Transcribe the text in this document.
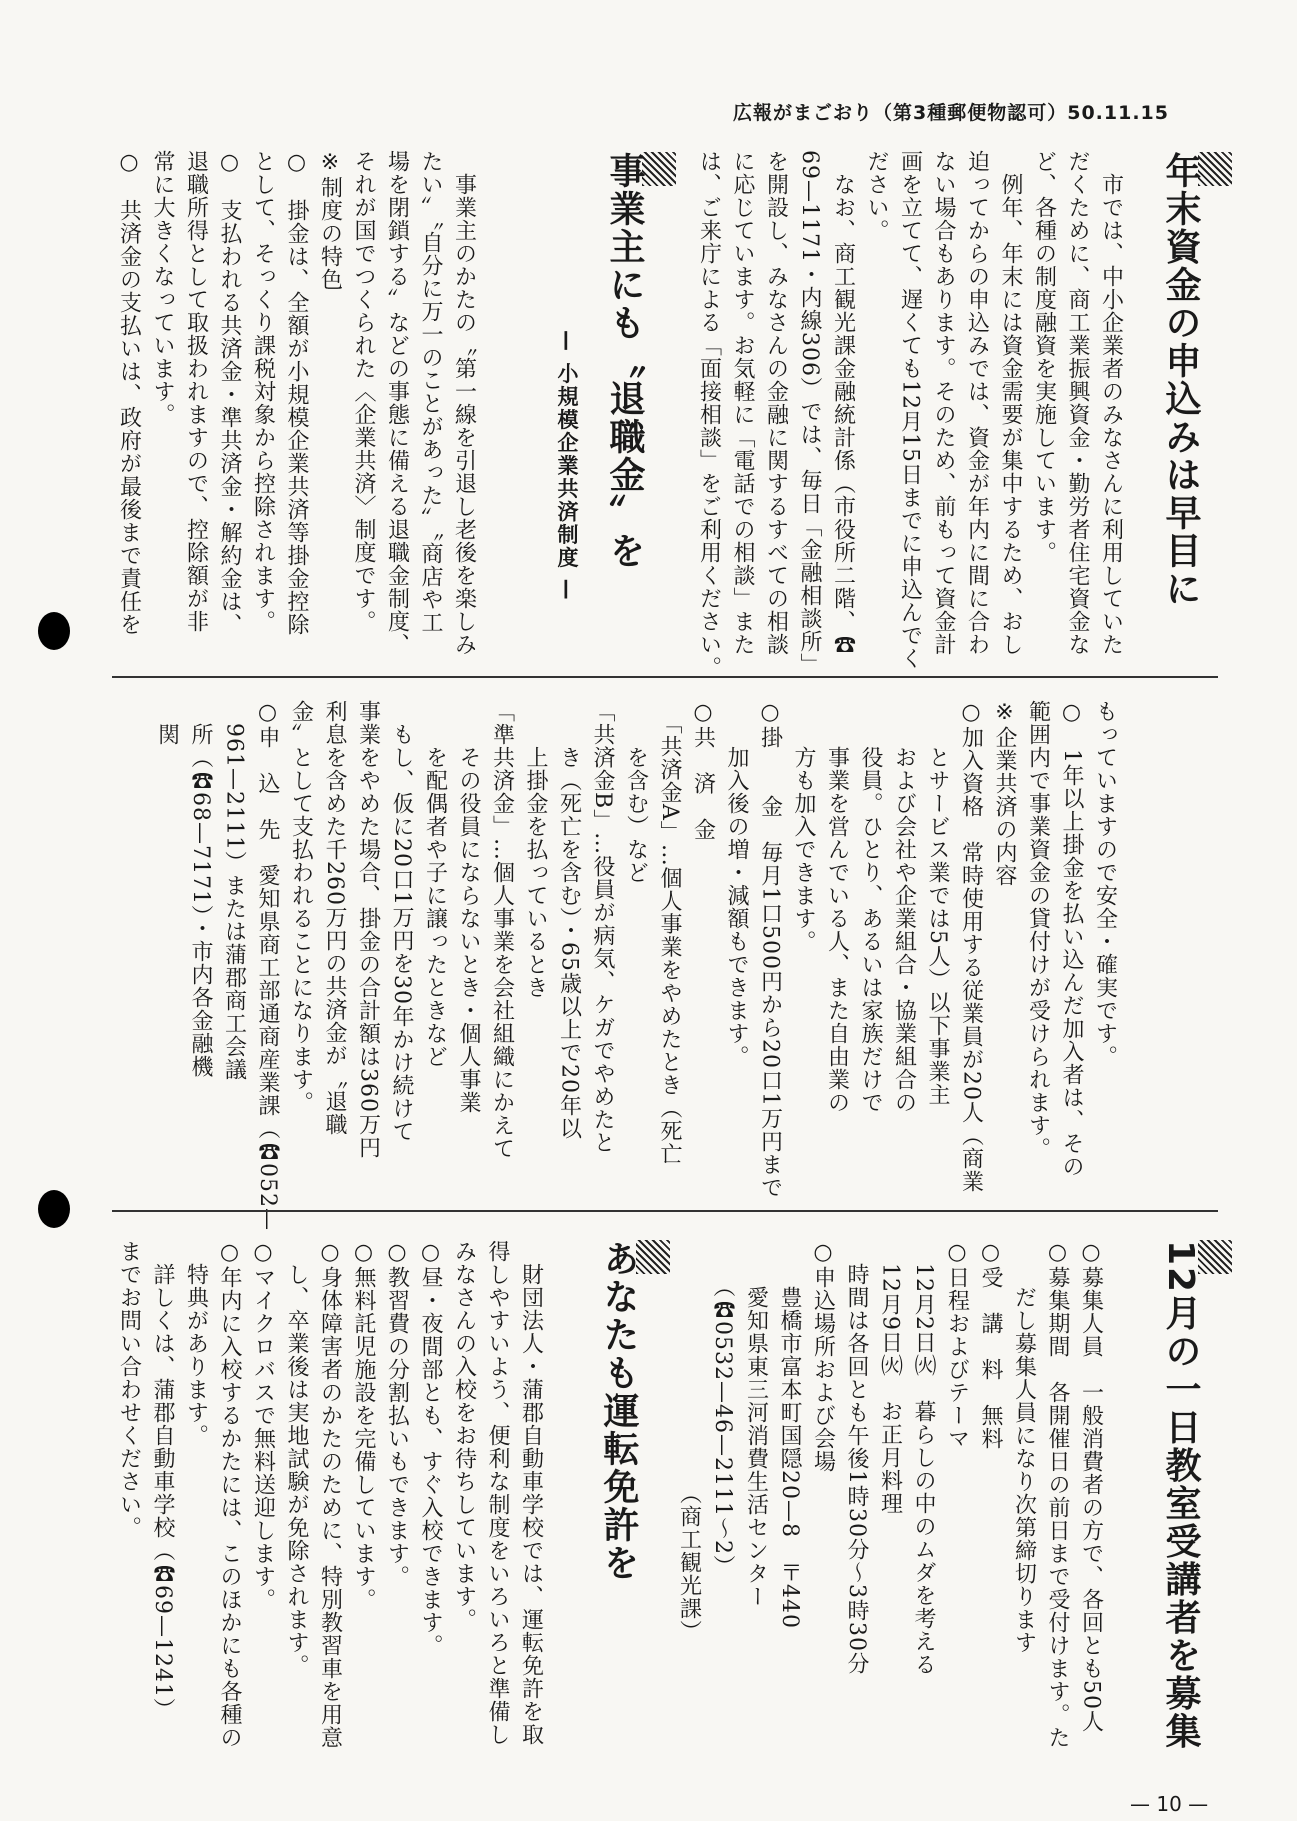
広報がまごおり（第3種郵便物認可）50.11.15
年末資金の申込みは早目に
　市では、中小企業者のみなさんに利用していた
だくために、商工業振興資金・勤労者住宅資金な
ど、各種の制度融資を実施しています。
　例年、年末には資金需要が集中するため、おし
迫ってからの申込みでは、資金が年内に間に合わ
ない場合もあります。そのため、前もって資金計
画を立てて、遅くても12月15日までに申込んでく
ださい。
　なお、商工観光課金融統計係（市役所二階、☎
69—1171・内線306）では、毎日「金融相談所」
を開設し、みなさんの金融に関するすべての相談
に応じています。お気軽に「電話での相談」また
は、ご来庁による「面接相談」をご利用ください。
事業主にも〝退職金〟を
— 小規模企業共済制度 —
　事業主のかたの〝第一線を引退し老後を楽しみ
たい〟〝自分に万一のことがあった〟〝商店や工
場を閉鎖する〟などの事態に備える退職金制度、
それが国でつくられた〈企業共済〉制度です。
※制度の特色
○　掛金は、全額が小規模企業共済等掛金控除
として、そっくり課税対象から控除されます。
○　支払われる共済金・準共済金・解約金は、
退職所得として取扱われますので、控除額が非
常に大きくなっています。
○　共済金の支払いは、政府が最後まで責任を
もっていますので安全・確実です。
○　1年以上掛金を払い込んだ加入者は、その
範囲内で事業資金の貸付けが受けられます。
※企業共済の内容
○加入資格　常時使用する従業員が20人（商業
　　とサービス業では5人）以下事業主
　　および会社や企業組合・協業組合の
　　役員。ひとり、あるいは家族だけで
　　事業を営んでいる人、また自由業の
　　方も加入できます。
○掛　　金　毎月1口500円から20口1万円まで
　　加入後の増・減額もできます。
○共　済　金
　「共済金A」…個人事業をやめたとき（死亡
　　を含む）など
「共済金B」…役員が病気、ケガでやめたと
　　き（死亡を含む）・65歳以上で20年以
　　上掛金を払っているとき
「準共済金」…個人事業を会社組織にかえて
　　その役員にならないとき・個人事業
　　を配偶者や子に譲ったときなど
　もし、仮に20口1万円を30年かけ続けて
事業をやめた場合、掛金の合計額は360万円
利息を含めた千260万円の共済金が〝退職
金〟として支払われることになります。
○申　込　先　愛知県商工部通商産業課（☎052—
　961—2111）または蒲郡商工会議
　所（☎68—7171）・市内各金融機
　関
12月の一日教室受講者を募集
○募集人員　一般消費者の方で、各回とも50人
○募集期間　各開催日の前日まで受付けます。た
　　だし募集人員になり次第締切ります
○受　講　料　無料
○日程およびテーマ
　12月2日㈫　暮らしの中のムダを考える
　12月9日㈫　お正月料理
　時間は各回とも午後1時30分〜3時30分
○申込場所および会場
　　豊橋市富本町国隠20—8　〒440
　　愛知県東三河消費生活センター
　　（☎0532—46—2111〜2）
　　　　　　　　　　　（商工観光課）
あなたも運転免許を
　財団法人・蒲郡自動車学校では、運転免許を取
得しやすいよう、便利な制度をいろいろと準備し
みなさんの入校をお待ちしています。
○昼・夜間部とも、すぐ入校できます。
○教習費の分割払いもできます。
○無料託児施設を完備しています。
○身体障害者のかたのために、特別教習車を用意
　し、卒業後は実地試験が免除されます。
○マイクロバスで無料送迎します。
○年内に入校するかたには、このほかにも各種の
　特典があります。
　詳しくは、蒲郡自動車学校（☎69—1241）
までお問い合わせください。
— 10 —
